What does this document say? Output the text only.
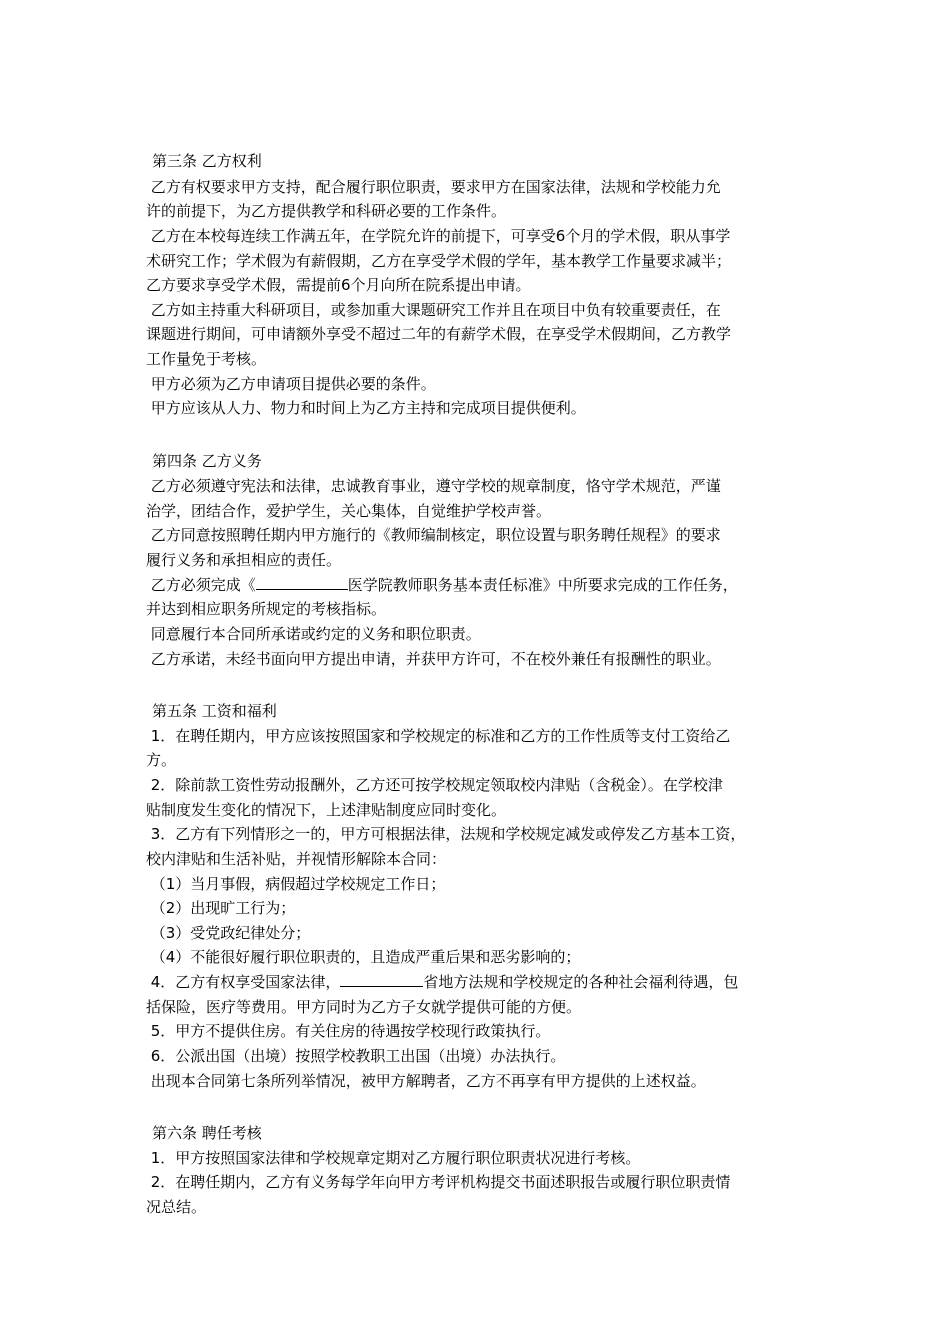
第三条 乙方权利
乙方有权要求甲方支持，配合履行职位职责，要求甲方在国家法律，法规和学校能力允
许的前提下，为乙方提供教学和科研必要的工作条件。
乙方在本校每连续工作满五年，在学院允许的前提下，可享受6个月的学术假，职从事学
术研究工作；学术假为有薪假期，乙方在享受学术假的学年，基本教学工作量要求减半；
乙方要求享受学术假，需提前6个月向所在院系提出申请。
乙方如主持重大科研项目，或参加重大课题研究工作并且在项目中负有较重要责任，在
课题进行期间，可申请额外享受不超过二年的有薪学术假，在享受学术假期间，乙方教学
工作量免于考核。
甲方必须为乙方申请项目提供必要的条件。
甲方应该从人力、物力和时间上为乙方主持和完成项目提供便利。
第四条 乙方义务
乙方必须遵守宪法和法律，忠诚教育事业，遵守学校的规章制度，恪守学术规范，严谨
治学，团结合作，爱护学生，关心集体，自觉维护学校声誉。
乙方同意按照聘任期内甲方施行的《教师编制核定，职位设置与职务聘任规程》的要求
履行义务和承担相应的责任。
乙方必须完成《	医学院教师职务基本责任标准》中所要求完成的工作任务，
并达到相应职务所规定的考核指标。
同意履行本合同所承诺或约定的义务和职位职责。
乙方承诺，未经书面向甲方提出申请，并获甲方许可，不在校外兼任有报酬性的职业。
第五条 工资和福利
1．在聘任期内，甲方应该按照国家和学校规定的标准和乙方的工作性质等支付工资给乙
方。
2．除前款工资性劳动报酬外，乙方还可按学校规定领取校内津贴（含税金）。在学校津
贴制度发生变化的情况下，上述津贴制度应同时变化。
3．乙方有下列情形之一的，甲方可根据法律，法规和学校规定减发或停发乙方基本工资，
校内津贴和生活补贴，并视情形解除本合同：
（1）当月事假，病假超过学校规定工作日；
（2）出现旷工行为；
（3）受党政纪律处分；
（4）不能很好履行职位职责的，且造成严重后果和恶劣影响的；
4．乙方有权享受国家法律，	省地方法规和学校规定的各种社会福利待遇，包
括保险，医疗等费用。甲方同时为乙方子女就学提供可能的方便。
5．甲方不提供住房。有关住房的待遇按学校现行政策执行。
6．公派出国（出境）按照学校教职工出国（出境）办法执行。
出现本合同第七条所列举情况，被甲方解聘者，乙方不再享有甲方提供的上述权益。
第六条 聘任考核
1．甲方按照国家法律和学校规章定期对乙方履行职位职责状况进行考核。
2．在聘任期内，乙方有义务每学年向甲方考评机构提交书面述职报告或履行职位职责情
况总结。
